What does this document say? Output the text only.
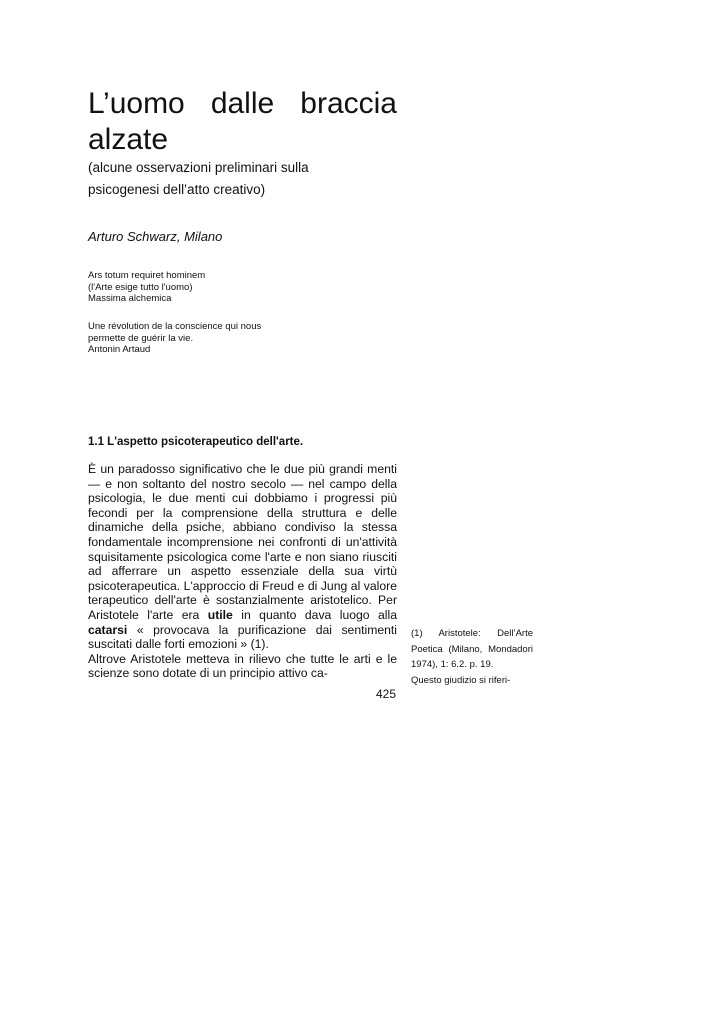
L’uomo dalle braccia
alzate

(alcune osservazioni preliminari sulla
psicogenesi dell’atto creativo)

Arturo Schwarz, Milano
Ars totum requiret hominem
(l'Arte esige tutto l'uomo)
Massima alchemica
Une révolution de la conscience qui nous
permette de guérir la vie.
Antonin Artaud
1.1 L'aspetto psicoterapeutico dell'arte.
È un paradosso significativo che le due più grandi menti
— e non soltanto del nostro secolo — nel campo della
psicologia, le due menti cui dobbiamo i progressi più
fecondi per la comprensione della struttura e delle
dinamiche della psiche, abbiano condiviso la stessa
fondamentale incomprensione nei confronti di un'attività
squisitamente psicologica come l'arte e non siano riusciti
ad afferrare un aspetto essenziale della sua virtù
psicoterapeutica. L'approccio di Freud e di Jung al valore
terapeutico dell'arte è sostanzialmente aristotelico. Per
Aristotele l'arte era utile in quanto dava luogo alla
catarsi « provocava la purificazione dai sentimenti
suscitati dalle forti emozioni » (1).
Altrove Aristotele metteva in rilievo che tutte le arti e le
scienze sono dotate di un principio attivo ca-
425
(1) Aristotele: Dell’Arte
Poetica (Milano, Mondadori
1974), 1: 6.2. p. 19.
Questo giudizio si riferi-
